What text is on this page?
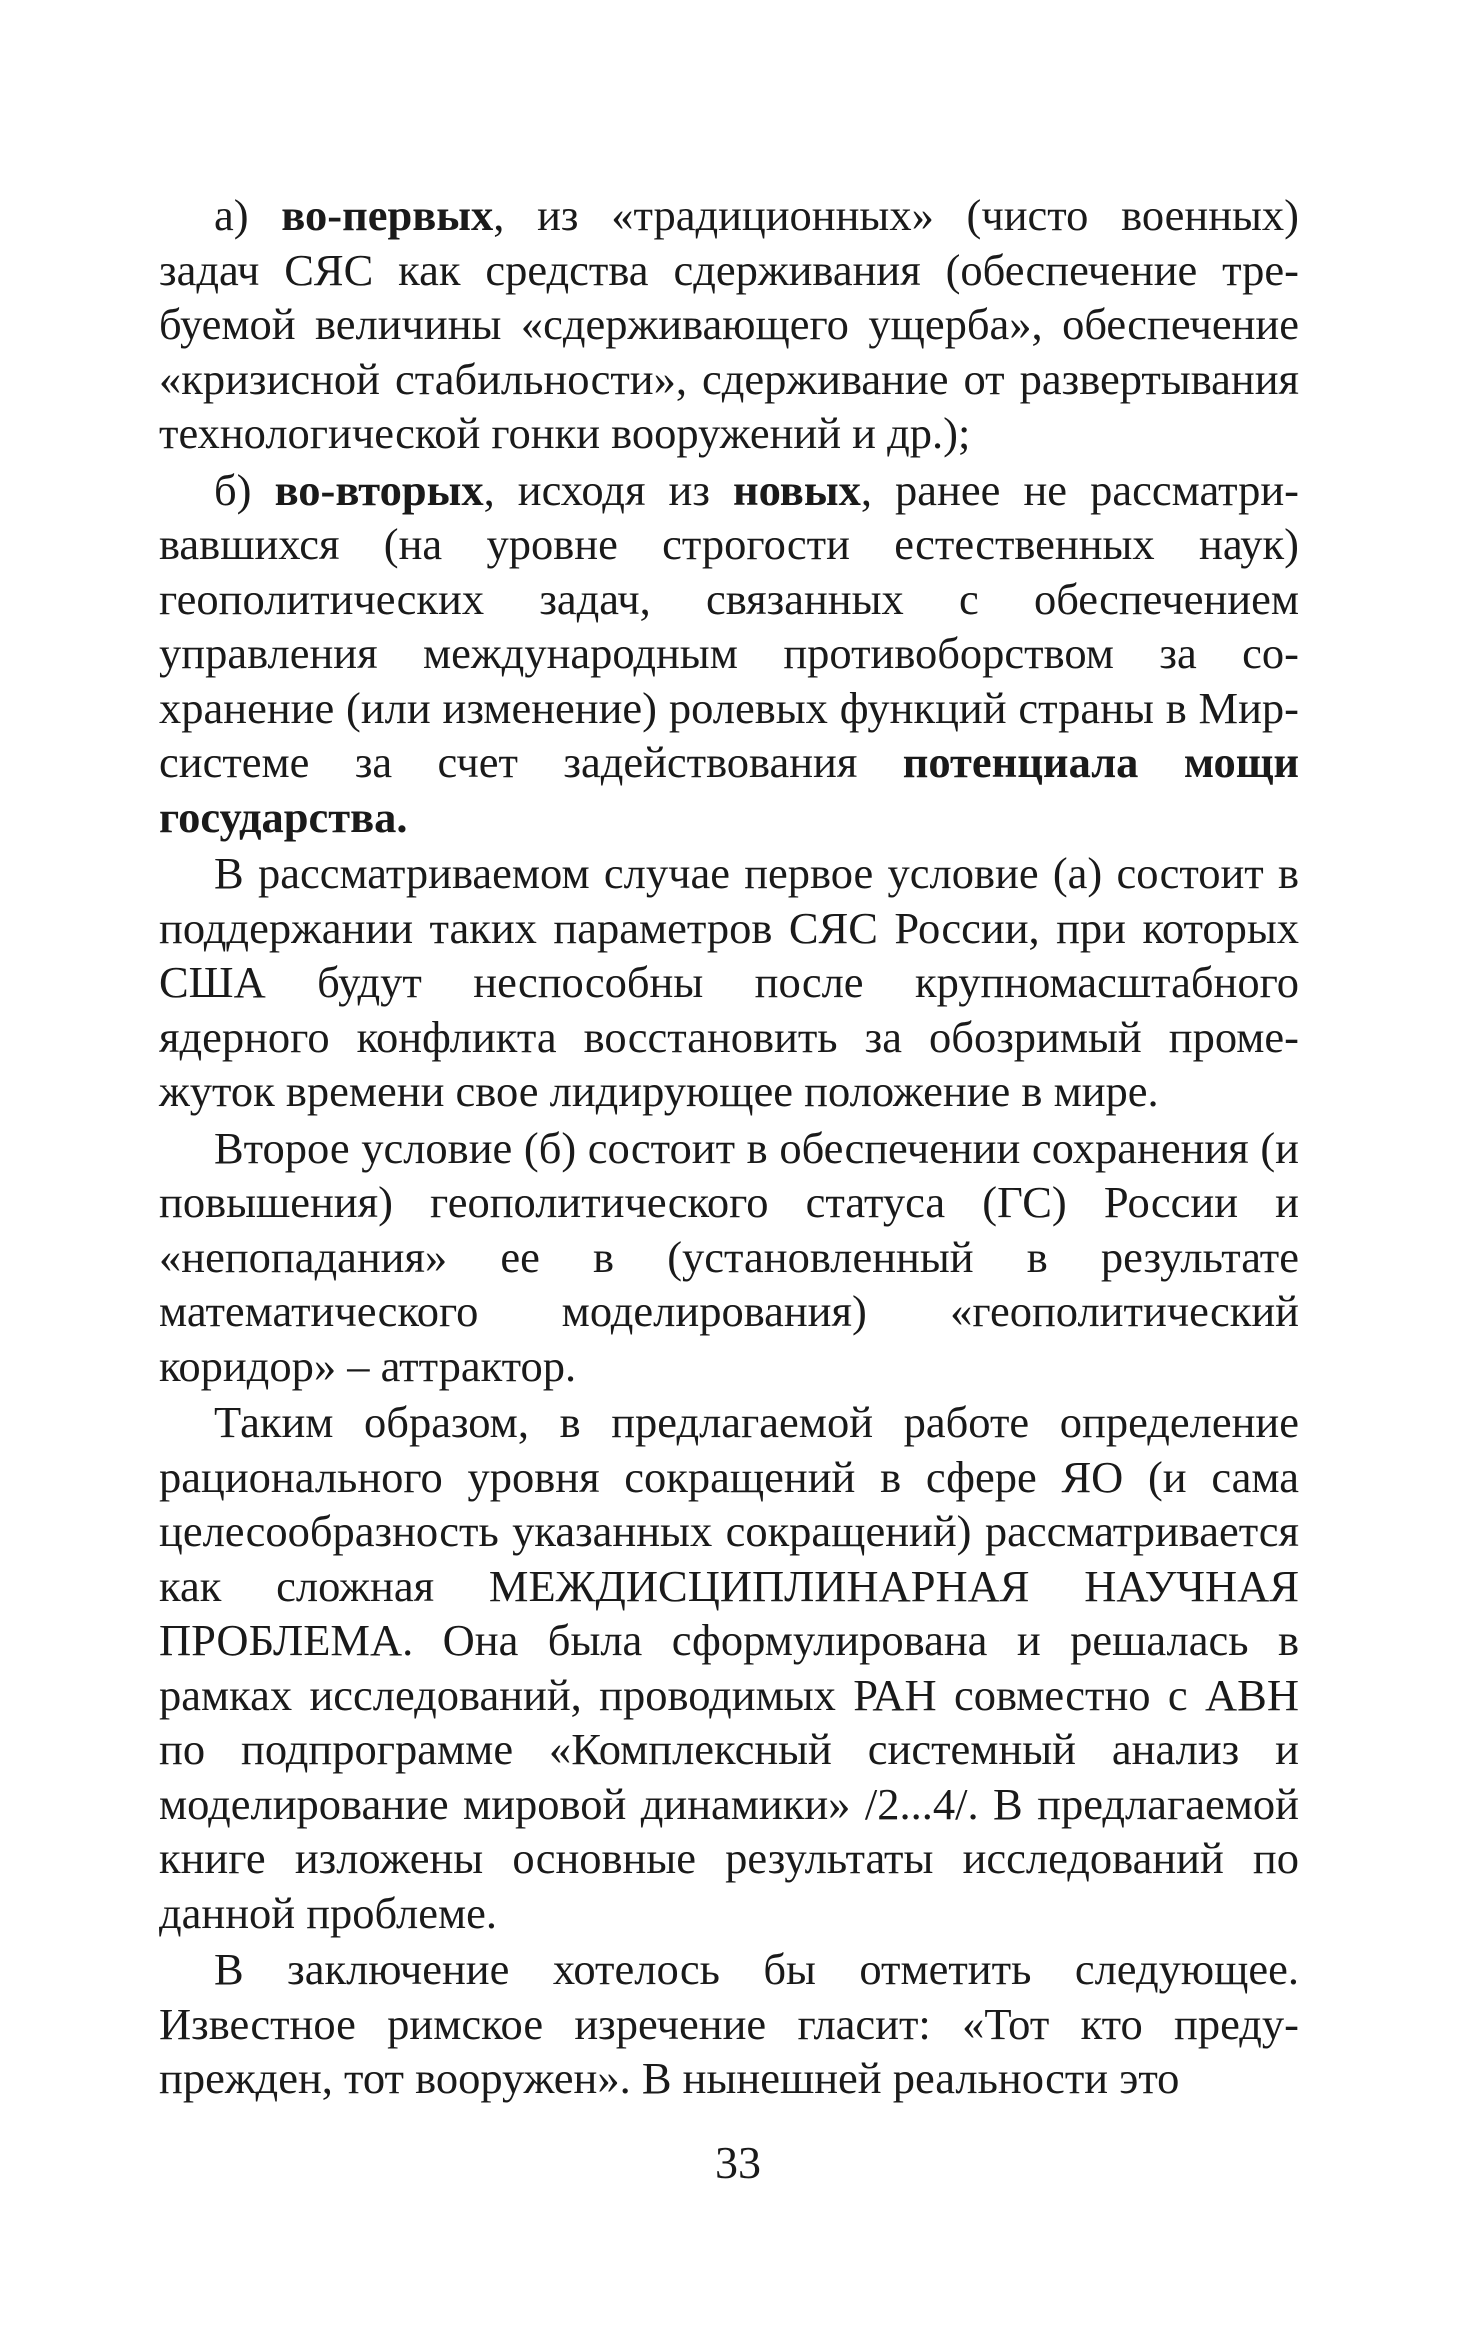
а) во-первых, из «традиционных» (чисто военных) задач СЯС как средства сдерживания (обеспечение требуемой величины «сдерживающего ущерба», обеспечение «кризисной стабильности», сдерживание от развертывания технологической гонки вооружений и др.);

б) во-вторых, исходя из новых, ранее не рассматривавшихся (на уровне строгости естественных наук) геополитических задач, связанных с обеспечением управления международным противоборством за сохранение (или изменение) ролевых функций страны в Мир-системе за счет задействования потенциала мощи государства.

В рассматриваемом случае первое условие (а) состоит в поддержании таких параметров СЯС России, при которых США будут неспособны после крупномасштабного ядерного конфликта восстановить за обозримый промежуток времени свое лидирующее положение в мире.

Второе условие (б) состоит в обеспечении сохранения (и повышения) геополитического статуса (ГС) России и «непопадания» ее в (установленный в результате математического моделирования) «геополитический коридор» – аттрактор.

Таким образом, в предлагаемой работе определение рационального уровня сокращений в сфере ЯО (и сама целесообразность указанных сокращений) рассматривается как сложная МЕЖДИСЦИПЛИНАРНАЯ НАУЧНАЯ ПРОБЛЕМА. Она была сформулирована и решалась в рамках исследований, проводимых РАН совместно с АВН по подпрограмме «Комплексный системный анализ и моделирование мировой динамики» /2...4/. В предлагаемой книге изложены основные результаты исследований по данной проблеме.

В заключение хотелось бы отметить следующее. Известное римское изречение гласит: «Тот кто предупрежден, тот вооружен». В нынешней реальности это

33
